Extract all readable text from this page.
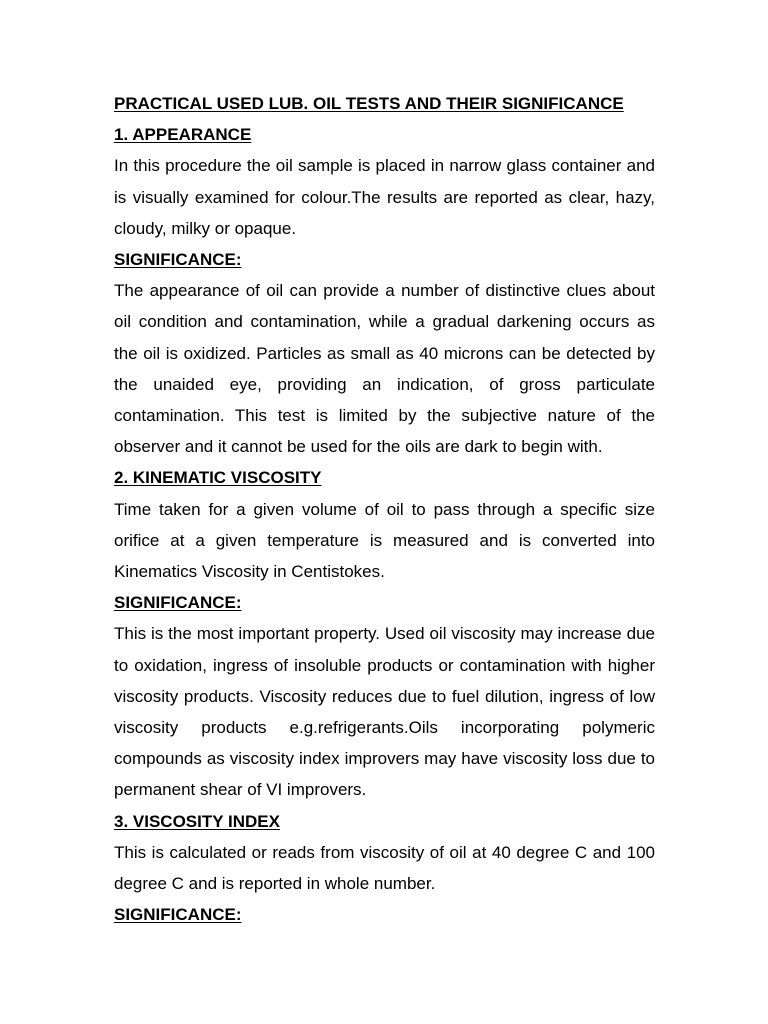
PRACTICAL USED LUB. OIL TESTS AND THEIR SIGNIFICANCE

1. APPEARANCE

In this procedure the oil sample is placed in narrow glass container and is visually examined for colour.The results are reported as clear, hazy, cloudy, milky or opaque.

SIGNIFICANCE:

The appearance of oil can provide a number of distinctive clues about oil condition and contamination, while a gradual darkening occurs as the oil is oxidized. Particles as small as 40 microns can be detected by the unaided eye, providing an indication, of gross particulate contamination. This test is limited by the subjective nature of the observer and it cannot be used for the oils are dark to begin with.

2. KINEMATIC VISCOSITY

Time taken for a given volume of oil to pass through a specific size orifice at a given temperature is measured and is converted into Kinematics Viscosity in Centistokes.

SIGNIFICANCE:

This is the most important property. Used oil viscosity may increase due to oxidation, ingress of insoluble products or contamination with higher viscosity products. Viscosity reduces due to fuel dilution, ingress of low viscosity products e.g.refrigerants.Oils incorporating polymeric compounds as viscosity index improvers may have viscosity loss due to permanent shear of VI improvers.

3. VISCOSITY INDEX

This is calculated or reads from viscosity of oil at 40 degree C and 100 degree C and is reported in whole number.

SIGNIFICANCE:
